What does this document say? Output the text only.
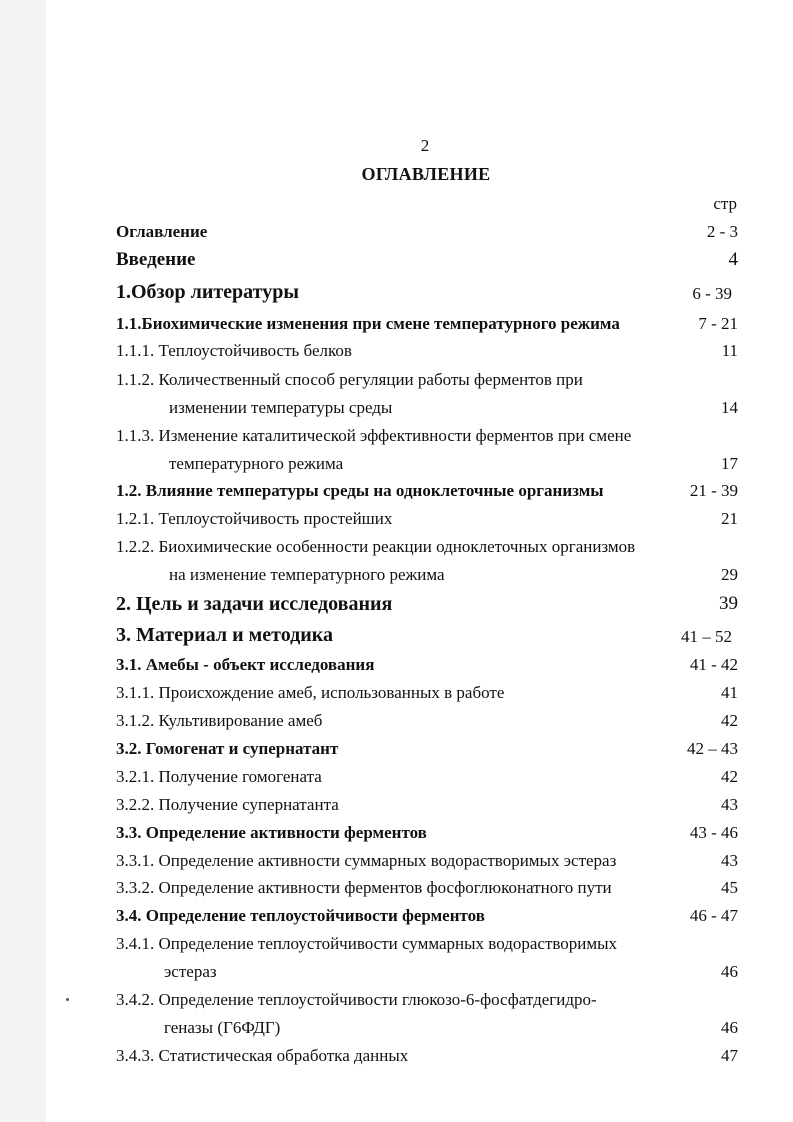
2
ОГЛАВЛЕНИЕ
стр
Оглавление	2 - 3
Введение	4
1.Обзор литературы	6 - 39
1.1.Биохимические изменения при смене температурного режима	7 - 21
1.1.1. Теплоустойчивость белков	11
1.1.2. Количественный способ регуляции работы ферментов при
изменении температуры среды	14
1.1.3. Изменение каталитической эффективности ферментов при смене
температурного режима	17
1.2. Влияние температуры среды на одноклеточные организмы	21 - 39
1.2.1. Теплоустойчивость простейших	21
1.2.2. Биохимические особенности реакции одноклеточных организмов
на изменение температурного режима	29
2. Цель и задачи исследования	39
3. Материал и методика	41 – 52
3.1. Амебы - объект исследования	41 - 42
3.1.1. Происхождение амеб, использованных в работе	41
3.1.2. Культивирование амеб	42
3.2. Гомогенат и супернатант	42 – 43
3.2.1. Получение гомогената	42
3.2.2. Получение супернатанта	43
3.3. Определение активности ферментов	43 - 46
3.3.1. Определение активности суммарных водорастворимых эстераз	43
3.3.2. Определение активности ферментов фосфоглюконатного пути	45
3.4. Определение теплоустойчивости ферментов	46 - 47
3.4.1. Определение теплоустойчивости суммарных водорастворимых
эстераз	46
3.4.2. Определение теплоустойчивости глюкозо-6-фосфатдегидро-
геназы (Г6ФДГ)	46
3.4.3. Статистическая обработка данных	47
